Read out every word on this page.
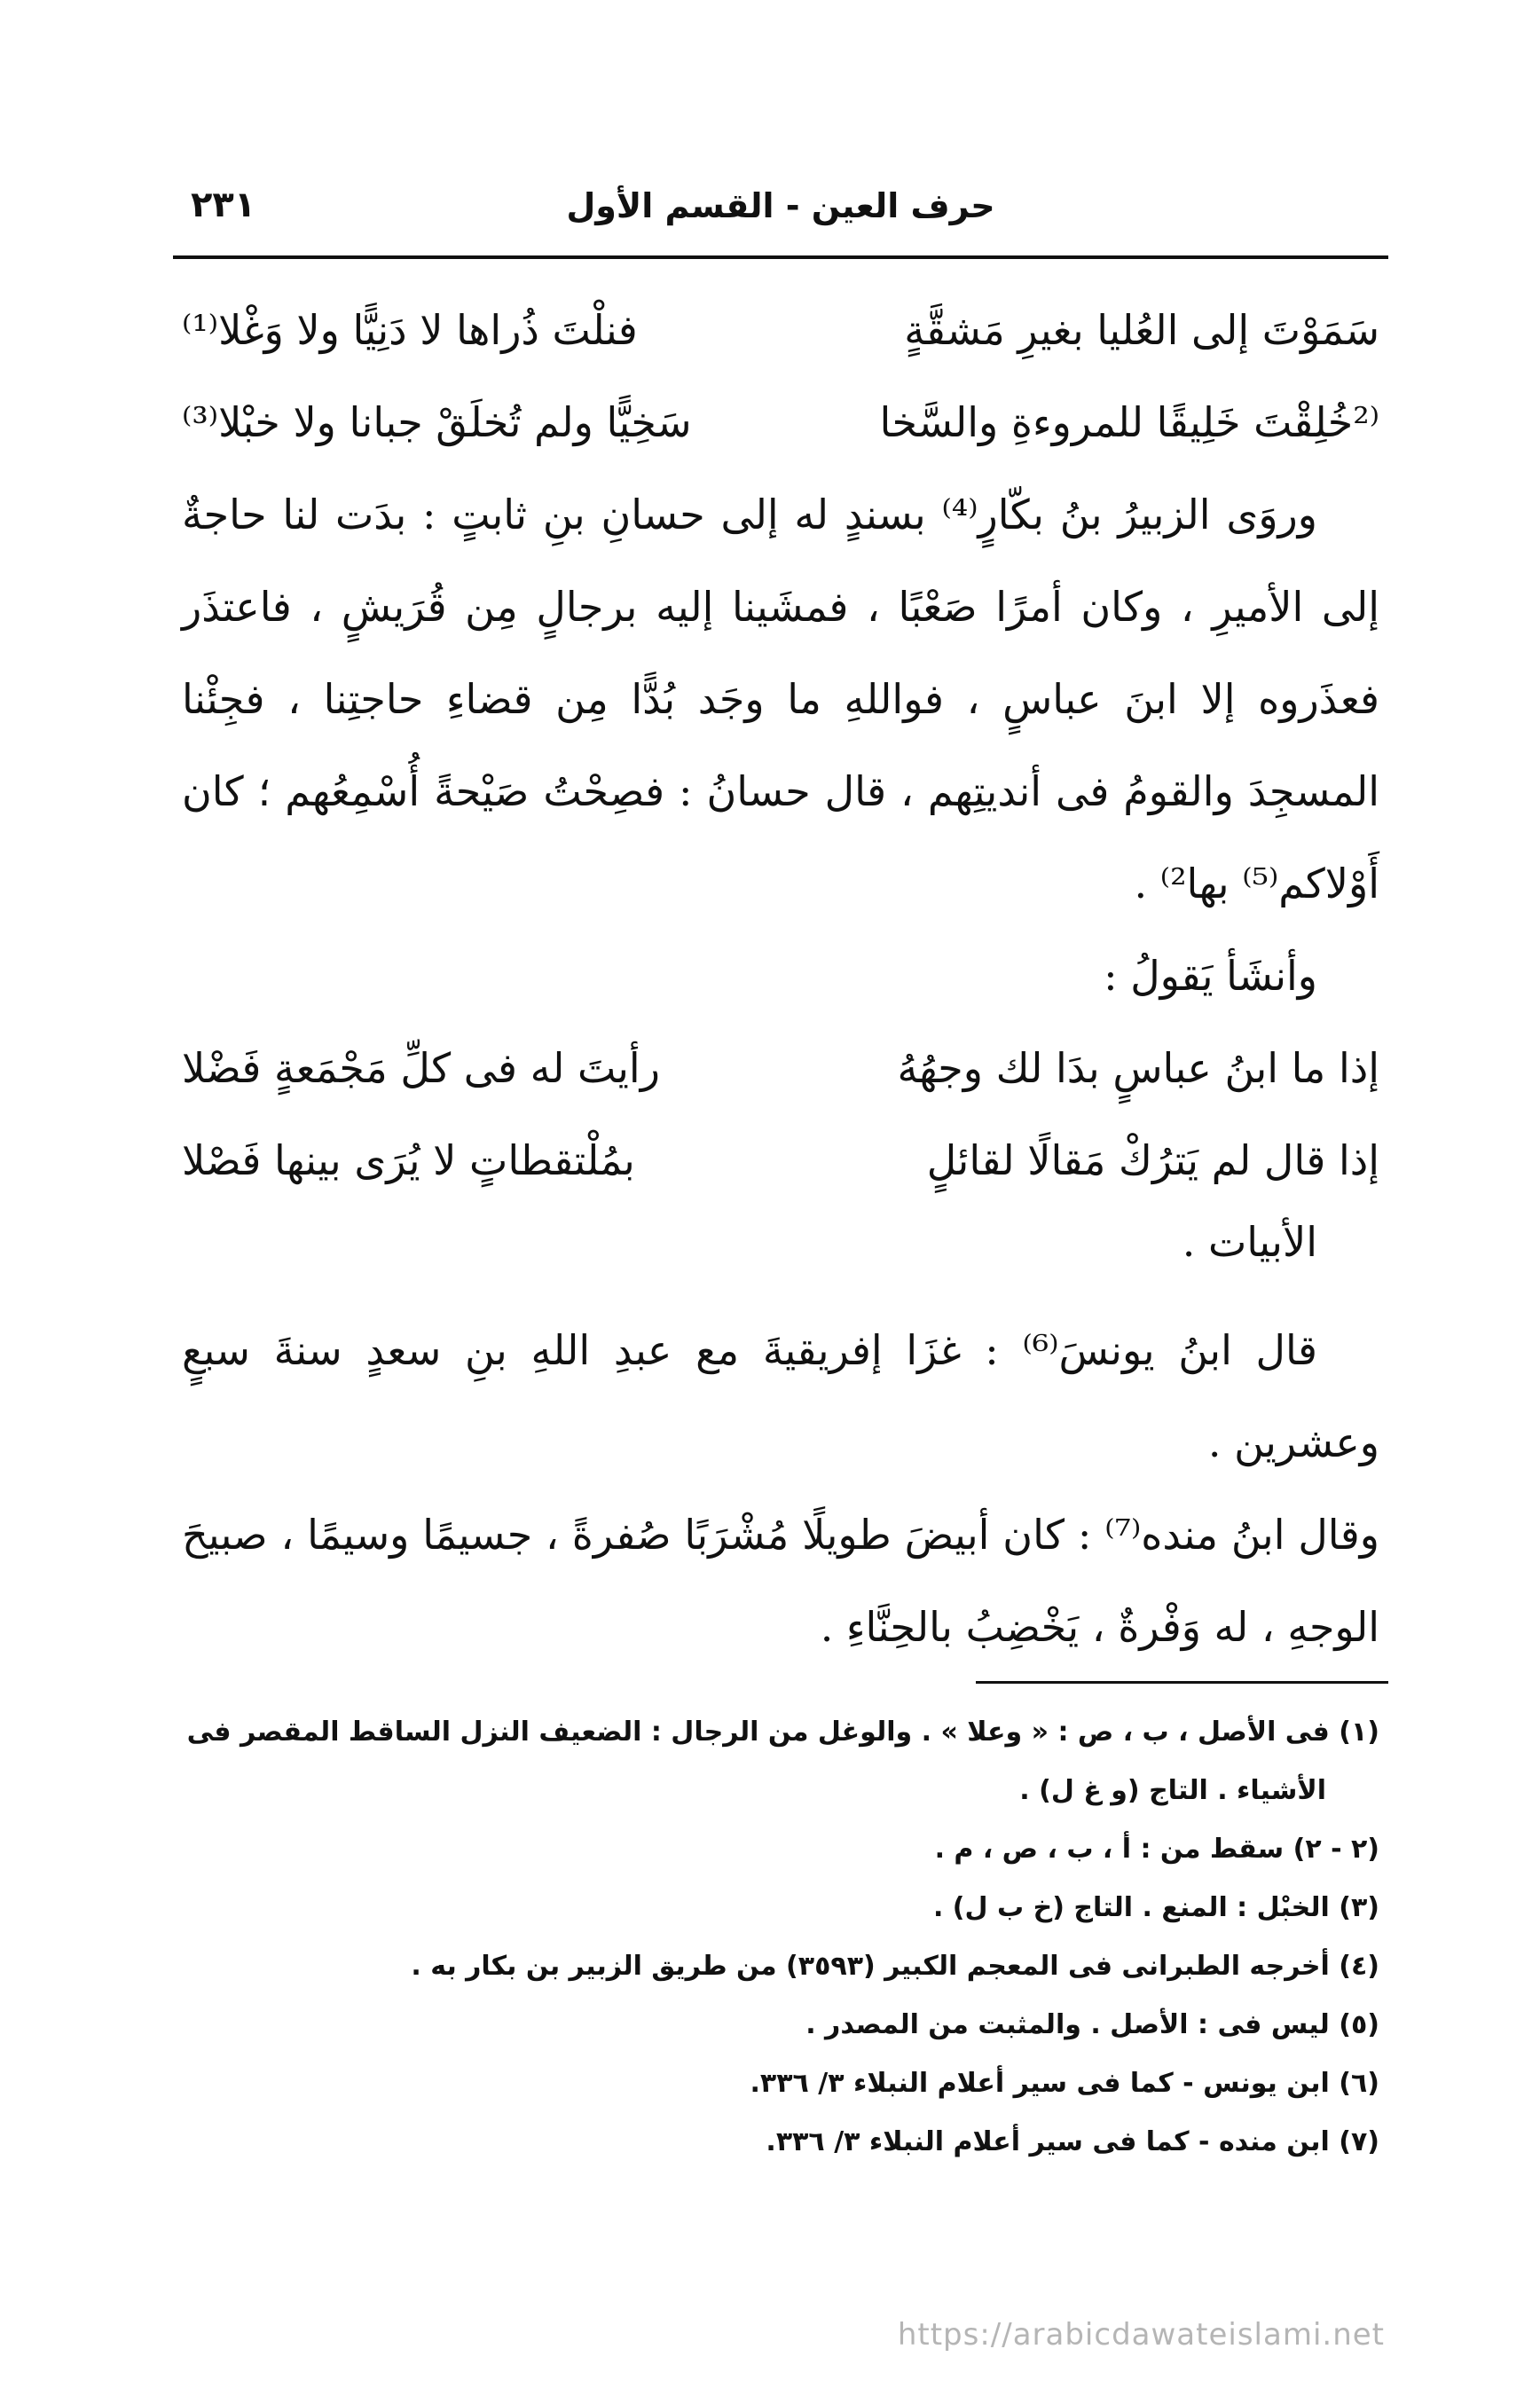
حرف العين - القسم الأول
٢٣١
سَمَوْتَ إلى العُليا بغيرِ مَشقَّةٍ
فنلْتَ ذُراها لا دَنِيًّا ولا وَغْلا⁽¹⁾
⁽²خُلِقْتَ خَلِيقًا للمروءةِ والسَّخا
سَخِيًّا ولم تُخلَقْ جبانا ولا خبْلا⁽³⁾

وروَى الزبيرُ بنُ بكّارٍ⁽⁴⁾ بسندٍ له إلى حسانِ بنِ ثابتٍ : بدَت لنا حاجةٌ إلى الأميرِ ، وكان أمرًا صَعْبًا ، فمشَينا إليه برجالٍ مِن قُرَيشٍ ، فاعتذَر فعذَروه إلا ابنَ عباسٍ ، فواللهِ ما وجَد بُدًّا مِن قضاءِ حاجتِنا ، فجِئْنا المسجِدَ والقومُ فى أنديتِهم ، قال حسانُ : فصِحْتُ صَيْحةً أُسْمِعُهم ؛ كان أَوْلاكم⁽⁵⁾ بها²⁾ .

وأنشَأ يَقولُ :

إذا ما ابنُ عباسٍ بدَا لك وجهُهُ
رأيتَ له فى كلِّ مَجْمَعةٍ فَضْلا
إذا قال لم يَترُكْ مَقالًا لقائلٍ
بمُلْتقطاتٍ لا يُرَى بينها فَصْلا

الأبيات .

قال ابنُ يونسَ⁽⁶⁾ : غزَا إفريقيةَ مع عبدِ اللهِ بنِ سعدٍ سنةَ سبعٍ وعشرين .

وقال ابنُ منده⁽⁷⁾ : كان أبيضَ طويلًا مُشْرَبًا صُفرةً ، جسيمًا وسيمًا ، صبيحَ الوجهِ ، له وَفْرةٌ ، يَخْضِبُ بالحِنَّاءِ .

(١) فى الأصل ، ب ، ص : « وعلا » . والوغل من الرجال : الضعيف النزل الساقط المقصر فى
الأشياء . التاج (و غ ل) .
(٢ - ٢) سقط من : أ ، ب ، ص ، م .
(٣) الخبْل : المنع . التاج (خ ب ل) .
(٤) أخرجه الطبرانى فى المعجم الكبير (٣٥٩٣) من طريق الزبير بن بكار به .
(٥) ليس فى : الأصل . والمثبت من المصدر .
(٦) ابن يونس - كما فى سير أعلام النبلاء ٣/ ٣٣٦.
(٧) ابن منده - كما فى سير أعلام النبلاء ٣/ ٣٣٦.
https://arabicdawateislami.net
